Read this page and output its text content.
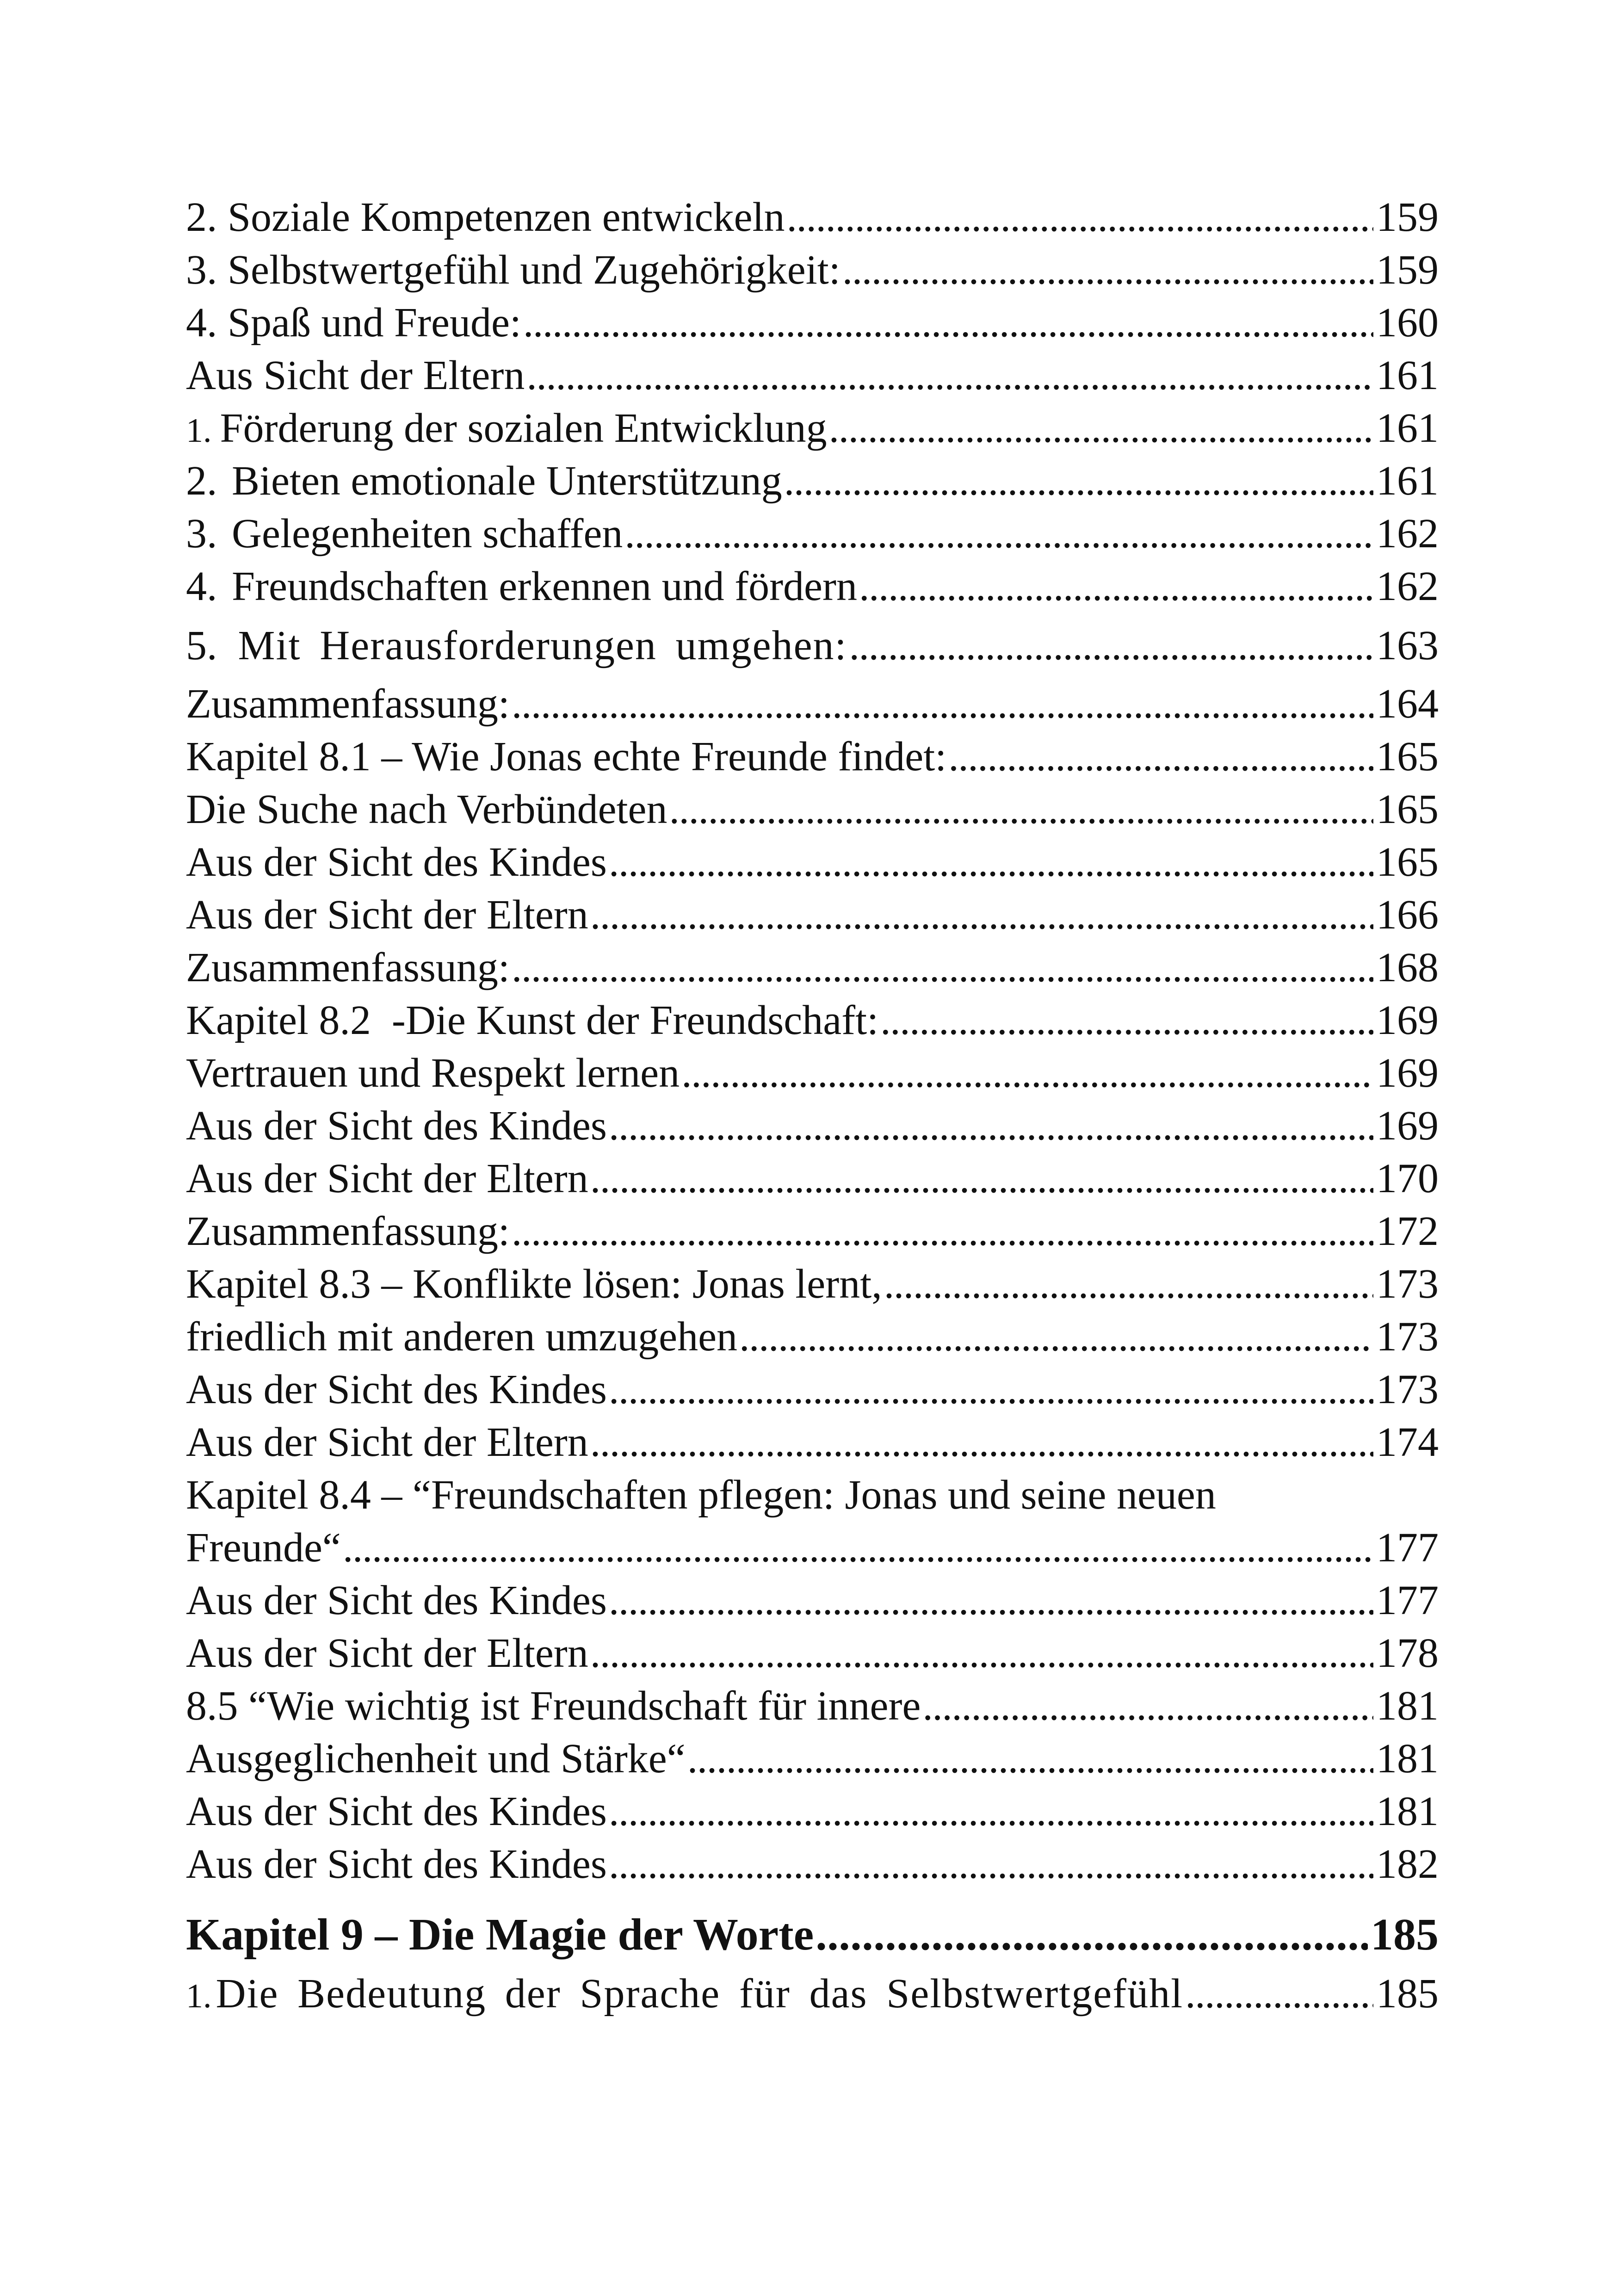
2. Soziale Kompetenzen entwickeln . . .	159
3. Selbstwertgefühl und Zugehörigkeit: . . .	159
4. Spaß und Freude: . . .	160
Aus Sicht der Eltern . . .	161
1. Förderung der sozialen Entwicklung . . .	161
2. Bieten emotionale Unterstützung . . .	161
3. Gelegenheiten schaffen . . .	162
4. Freundschaften erkennen und fördern . . .	162
5. Mit Herausforderungen umgehen: . . .	163
Zusammenfassung: . . .	164
Kapitel 8.1 – Wie Jonas echte Freunde findet: . . .	165
Die Suche nach Verbündeten . . .	165
Aus der Sicht des Kindes . . .	165
Aus der Sicht der Eltern . . .	166
Zusammenfassung: . . .	168
Kapitel 8.2  -Die Kunst der Freundschaft: . . .	169
Vertrauen und Respekt lernen . . .	169
Aus der Sicht des Kindes . . .	169
Aus der Sicht der Eltern . . .	170
Zusammenfassung: . . .	172
Kapitel 8.3 – Konflikte lösen: Jonas lernt, . . .	173
friedlich mit anderen umzugehen . . .	173
Aus der Sicht des Kindes . . .	173
Aus der Sicht der Eltern . . .	174
Kapitel 8.4 – “Freundschaften pflegen: Jonas und seine neuen
Freunde“ . . .	177
Aus der Sicht des Kindes . . .	177
Aus der Sicht der Eltern . . .	178
8.5 “Wie wichtig ist Freundschaft für innere . . .	181
Ausgeglichenheit und Stärke“ . . .	181
Aus der Sicht des Kindes . . .	181
Aus der Sicht des Kindes . . .	182
Kapitel 9 – Die Magie der Worte . . .	185
1. Die Bedeutung der Sprache für das Selbstwertgefühl . . .	185
